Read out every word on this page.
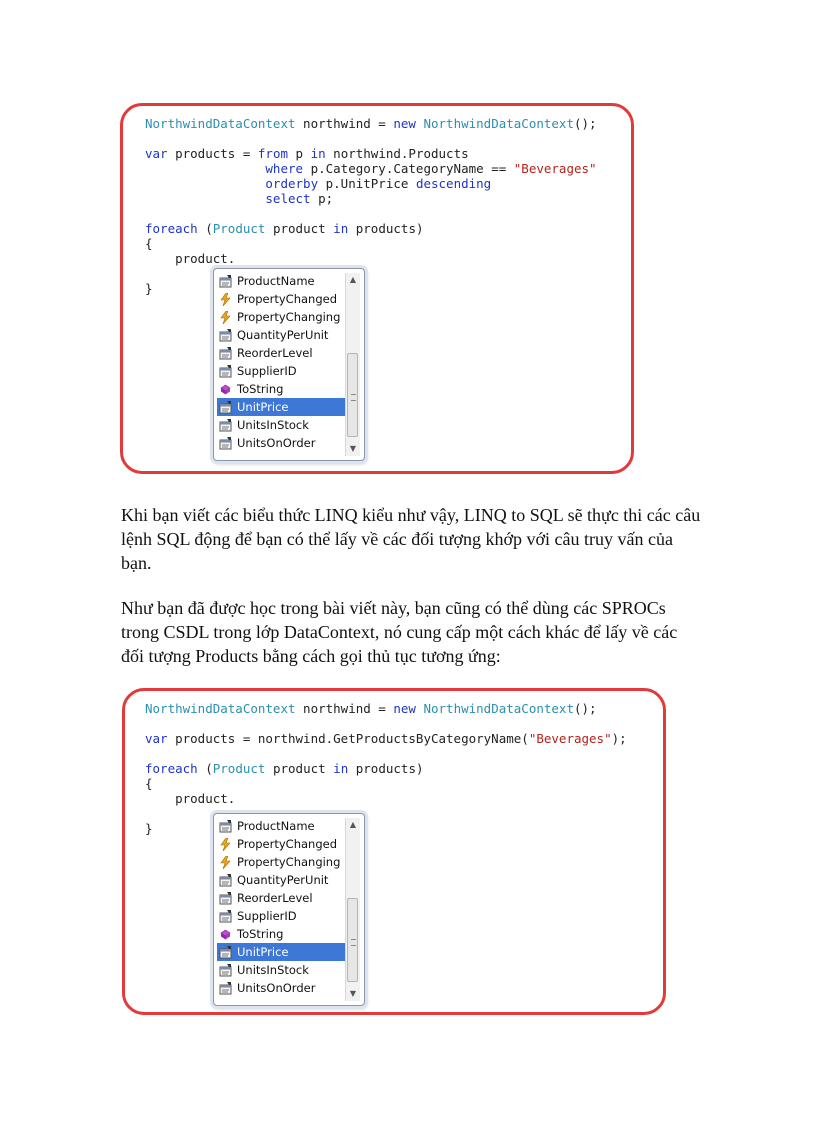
NorthwindDataContext northwind = new NorthwindDataContext();
var products = from p in northwind.Products
where p.Category.CategoryName == "Beverages"
orderby p.UnitPrice descending
select p;
foreach (Product product in products)
{
product.
}	ProductName
PropertyChanged
PropertyChanging
QuantityPerUnit
ReorderLevel
SupplierID
ToString
UnitPrice
UnitsInStock
UnitsOnOrder
▲
▼

Khi bạn viết các biểu thức LINQ kiểu như vậy, LINQ to SQL sẽ thực thi các câu lệnh SQL động để bạn có thể lấy về các đối tượng khớp với câu truy vấn của bạn.

Như bạn đã được học trong bài viết này, bạn cũng có thể dùng các SPROCs trong CSDL trong lớp DataContext, nó cung cấp một cách khác để lấy về các đối tượng Products bằng cách gọi thủ tục tương ứng:

NorthwindDataContext northwind = new NorthwindDataContext();
var products = northwind.GetProductsByCategoryName("Beverages");
foreach (Product product in products)
{
product.
}	ProductName
PropertyChanged
PropertyChanging
QuantityPerUnit
ReorderLevel
SupplierID
ToString
UnitPrice
UnitsInStock
UnitsOnOrder
▲
▼
